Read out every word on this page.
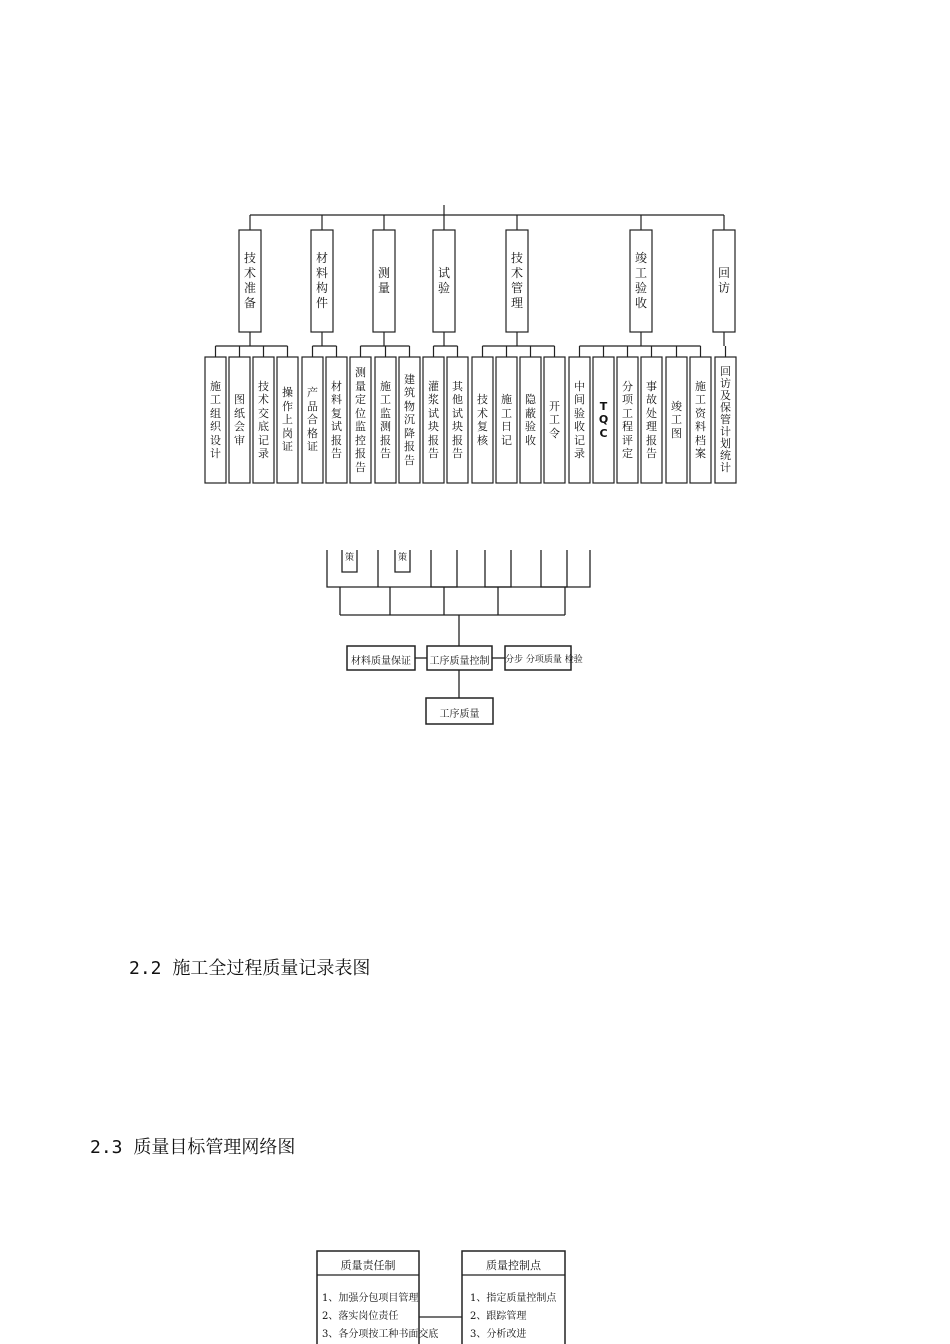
技术准备
施工组织设计
图纸会审
技术交底记录
操作上岗证
材料构件
产品合格证
材料复试报告
测量
测量定位监控报告
施工监测报告
建筑物沉降报告
试验
灌浆试块报告
其他试块报告
技术管理
技术复核
施工日记
隐蔽验收
开工令
竣工验收
中间验收记录
TQC
分项工程评定
事故处理报告
竣工图
施工资料档案
回访
回访及保管计划统计
策	策
材料质量保证	工序质量控制 分步 分项质量 检验
工序质量
2.2 施工全过程质量记录表图
2.3 质量目标管理网络图
质量责任制	质量控制点
1、加强分包项目管理
2、落实岗位责任
3、各分项按工种书面交底
1、指定质量控制点
2、跟踪管理
3、分析改进
